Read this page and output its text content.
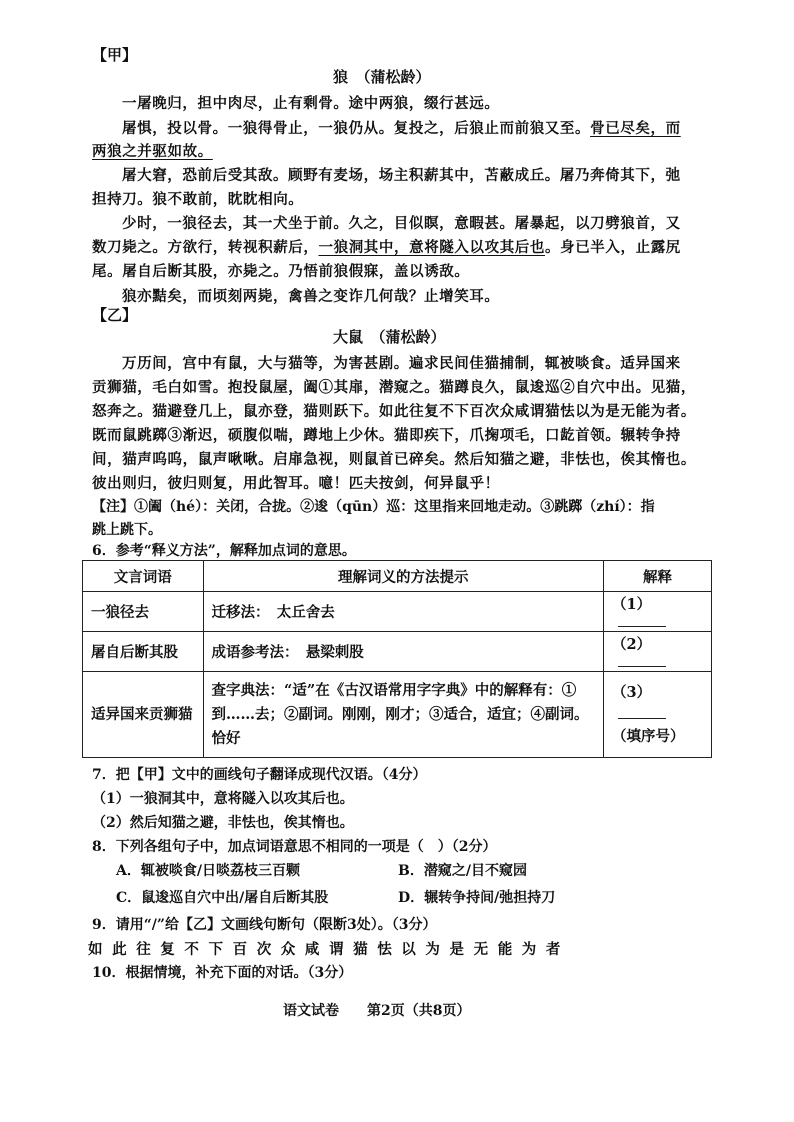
【甲】
狼　（蒲松龄）
一屠晚归，担中肉尽，止有剩骨。途中两狼，缀行甚远。
屠惧，投以骨。一狼得骨止，一狼仍从。复投之，后狼止而前狼又至。骨已尽矣，而
两狼之并驱如故。
屠大窘，恐前后受其敌。顾野有麦场，场主积薪其中，苫蔽成丘。屠乃奔倚其下，弛
担持刀。狼不敢前，眈眈相向。
少时，一狼径去，其一犬坐于前。久之，目似瞑，意暇甚。屠暴起，以刀劈狼首，又
数刀毙之。方欲行，转视积薪后，一狼洞其中，意将隧入以攻其后也。身已半入，止露尻
尾。屠自后断其股，亦毙之。乃悟前狼假寐，盖以诱敌。
狼亦黠矣，而顷刻两毙，禽兽之变诈几何哉？止增笑耳。
【乙】
大鼠　（蒲松龄）
万历间，宫中有鼠，大与猫等，为害甚剧。遍求民间佳猫捕制，辄被啖食。适异国来
贡狮猫，毛白如雪。抱投鼠屋，阖①其扉，潜窥之。猫蹲良久，鼠逡巡②自穴中出。见猫，
怒奔之。猫避登几上，鼠亦登，猫则跃下。如此往复不下百次众咸谓猫怯以为是无能为者。
既而鼠跳踯③渐迟，硕腹似喘，蹲地上少休。猫即疾下，爪掬项毛，口龁首领。辗转争持
间，猫声呜呜，鼠声啾啾。启扉急视，则鼠首已碎矣。然后知猫之避，非怯也，俟其惰也。
彼出则归，彼归则复，用此智耳。噫！匹夫按剑，何异鼠乎！
【注】①阖（hé）：关闭，合拢。②逡（qūn）巡：这里指来回地走动。③跳踯（zhí）：指
跳上跳下。
6．参考“释义方法”，解释加点词的意思。
文言词语	理解词义的方法提示	解释
一狼径去	迁移法：　太丘舍去	（1）
屠自后断其股	成语参考法：　悬梁刺股	（2）
适异国来贡狮猫	查字典法：“适”在《古汉语常用字字典》中的解释有：①到……去；②副词。刚刚，刚才；③适合，适宜；④副词。恰好	（3）
（填序号）
7．把【甲】文中的画线句子翻译成现代汉语。（4分）
（1）一狼洞其中，意将隧入以攻其后也。
（2）然后知猫之避，非怯也，俟其惰也。
8．下列各组句子中，加点词语意思不相同的一项是（　）（2分）
A．辄被啖食/日啖荔枝三百颗	B．潜窥之/目不窥园
C．鼠逡巡自穴中出/屠自后断其股	D．辗转争持间/弛担持刀
9．请用“/”给【乙】文画线句断句（限断3处）。（3分）
如此往复不下百次众咸谓猫怯以为是无能为者
10．根据情境，补充下面的对话。（3分）
语文试卷　　第2页（共8页）
